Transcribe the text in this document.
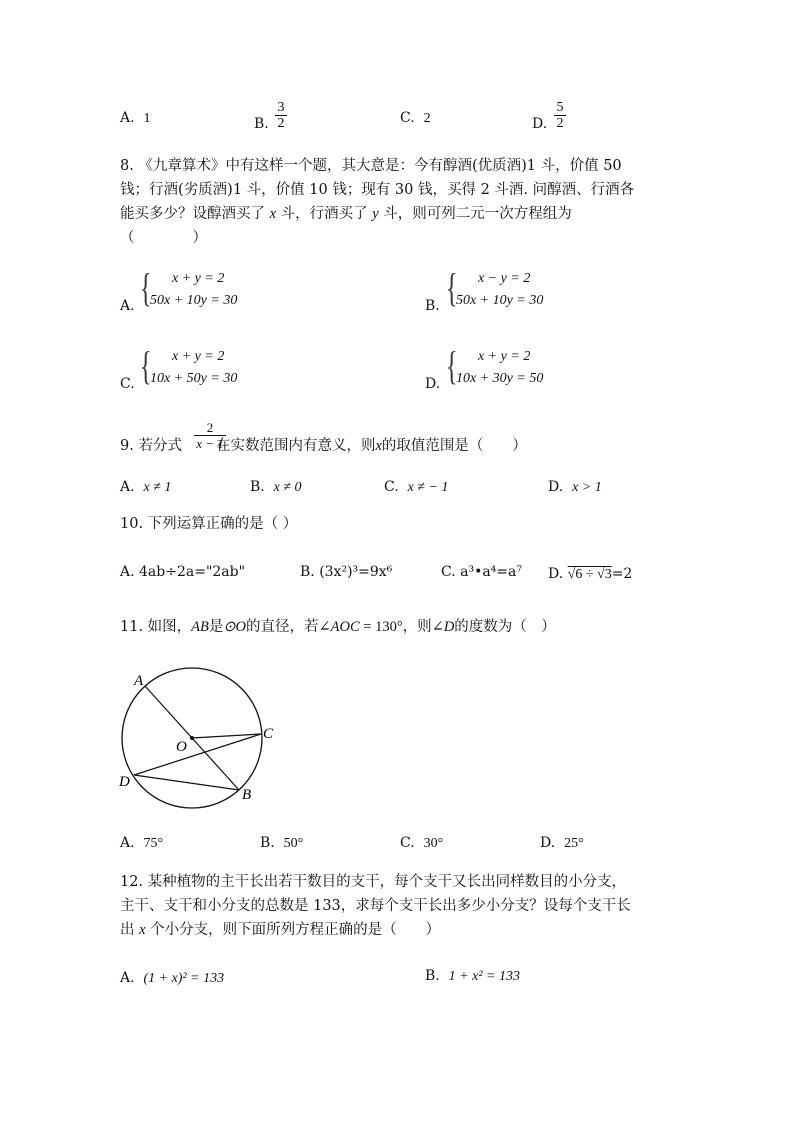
A. 1	B.
3
2	C. 2	D.
5
2
8. 《九章算术》中有这样一个题，其大意是：今有醇酒(优质酒)1 斗，价值 50
钱；行酒(劣质酒)1 斗，价值 10 钱；现有 30 钱，买得 2 斗酒. 问醇酒、行酒各
能买多少？设醇酒买了 x 斗，行酒买了 y 斗，则可列二元一次方程组为
（　　　　）
A. { x + y = 2
50x + 10y = 30	B. { x − y = 2
50x + 10y = 30
C. { x + y = 2
10x + 50y = 30	D. { x + y = 2
10x + 30y = 50
9. 若分式 在实数范围内有意义，则x的取值范围是（　　）
2
x − 1
A. x ≠ 1	B. x ≠ 0	C. x ≠ − 1	D. x > 1
10. 下列运算正确的是（ ）
A. 4ab÷2a="2ab"	B. (3x²)³=9x⁶	C. a³•a⁴=a⁷ D. √6 ÷ √3=2
11. 如图，AB是⊙O的直径，若∠AOC = 130°，则∠D的度数为（　）
A
O
C
D
B
A. 75°	B. 50°	C. 30°	D. 25°
12. 某种植物的主干长出若干数目的支干，每个支干又长出同样数目的小分支，
主干、支干和小分支的总数是 133，求每个支干长出多少小分支？设每个支干长
出 x 个小分支，则下面所列方程正确的是（　　）
A. (1 + x)² = 133	B. 1 + x² = 133
